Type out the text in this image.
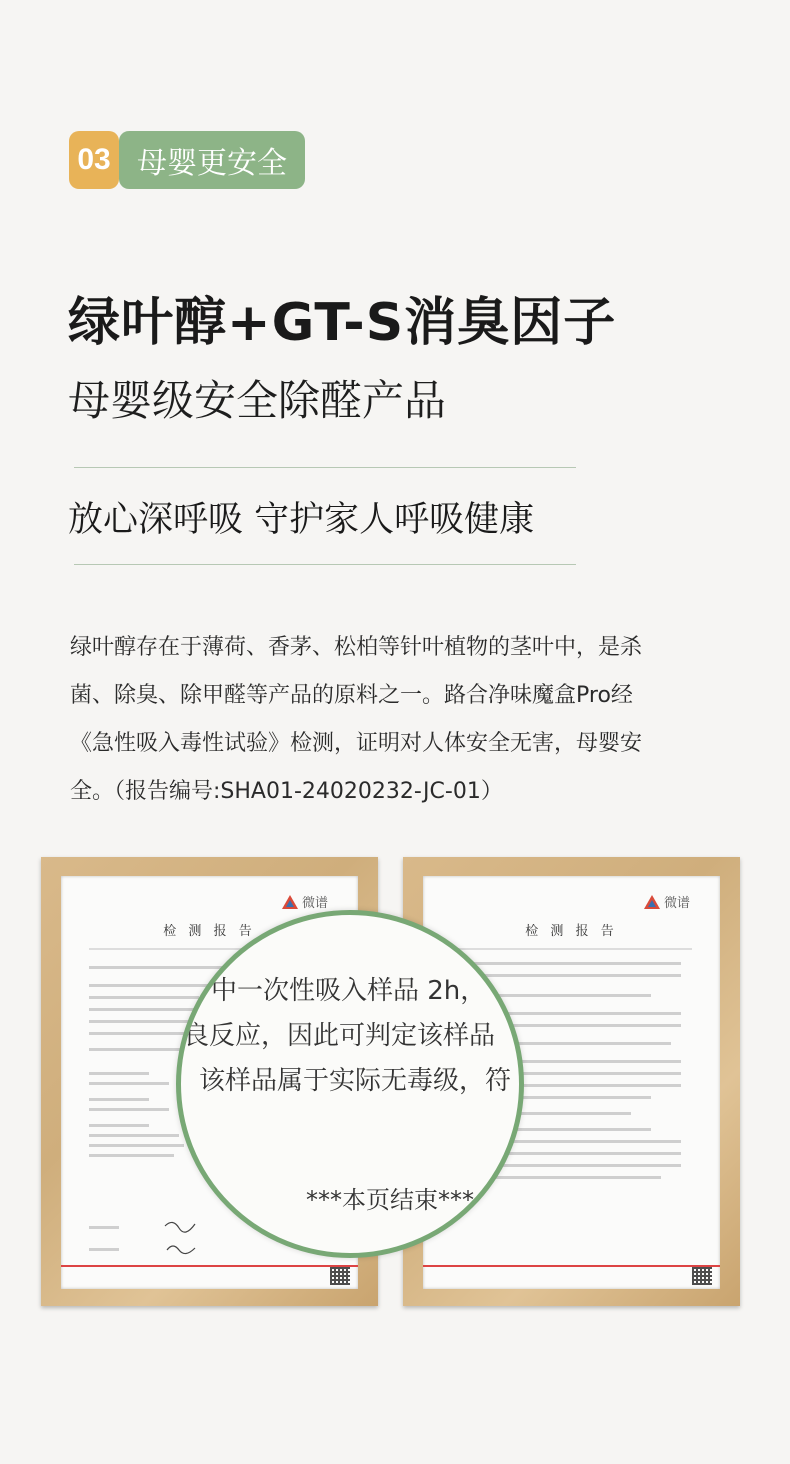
03 母婴更安全
绿叶醇+GT-S消臭因子
母婴级安全除醛产品
放心深呼吸 守护家人呼吸健康
绿叶醇存在于薄荷、香茅、松柏等针叶植物的茎叶中，是杀
菌、除臭、除甲醛等产品的原料之一。路合净味魔盒Pro经
《急性吸入毒性试验》检测，证明对人体安全无害，母婴安
全。（报告编号:SHA01-24020232-JC-01）
微谱
检 测 报 告
微谱
检 测 报 告
中一次性吸入样品 2h，
良反应，因此可判定该样品
该样品属于实际无毒级，符
***本页结束***
